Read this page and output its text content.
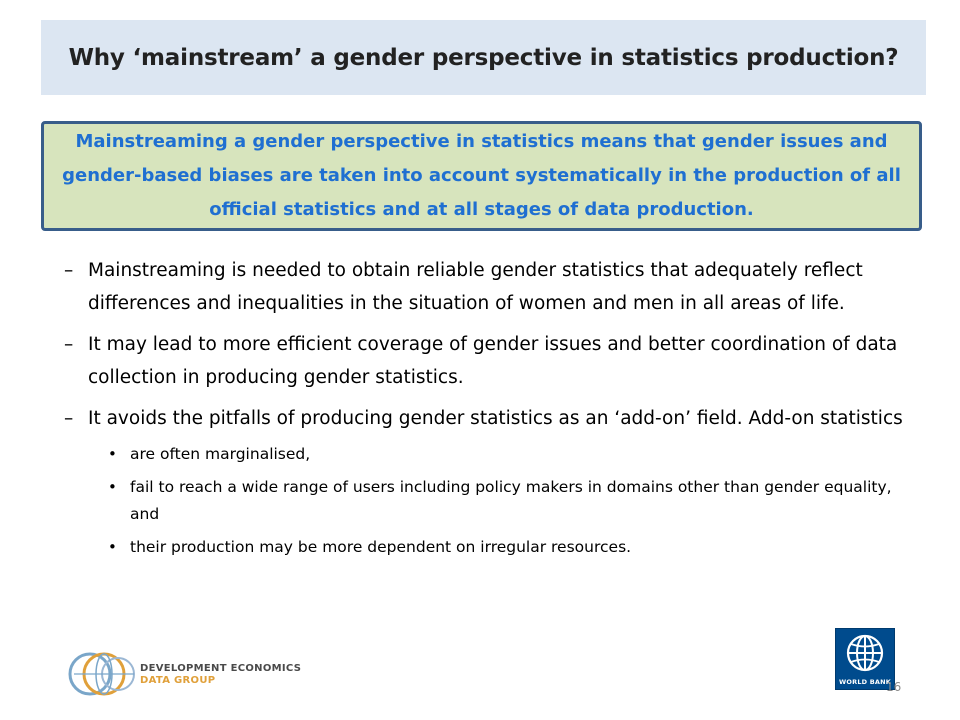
Why ‘mainstream’ a gender perspective in statistics production?

Mainstreaming a gender perspective in statistics means that gender issues and gender-based biases are taken into account systematically in the production of all official statistics and at all stages of data production.

– Mainstreaming is needed to obtain reliable gender statistics that adequately reflect differences and inequalities in the situation of women and men in all areas of life.
– It may lead to more efficient coverage of gender issues and better coordination of data collection in producing gender statistics.
– It avoids the pitfalls of producing gender statistics as an ‘add-on’ field. Add-on statistics
• are often marginalised,
• fail to reach a wide range of users including policy makers in domains other than gender equality, and
• their production may be more dependent on irregular resources.
DEVELOPMENT ECONOMICS
DATA GROUP	WORLD BANK
16
